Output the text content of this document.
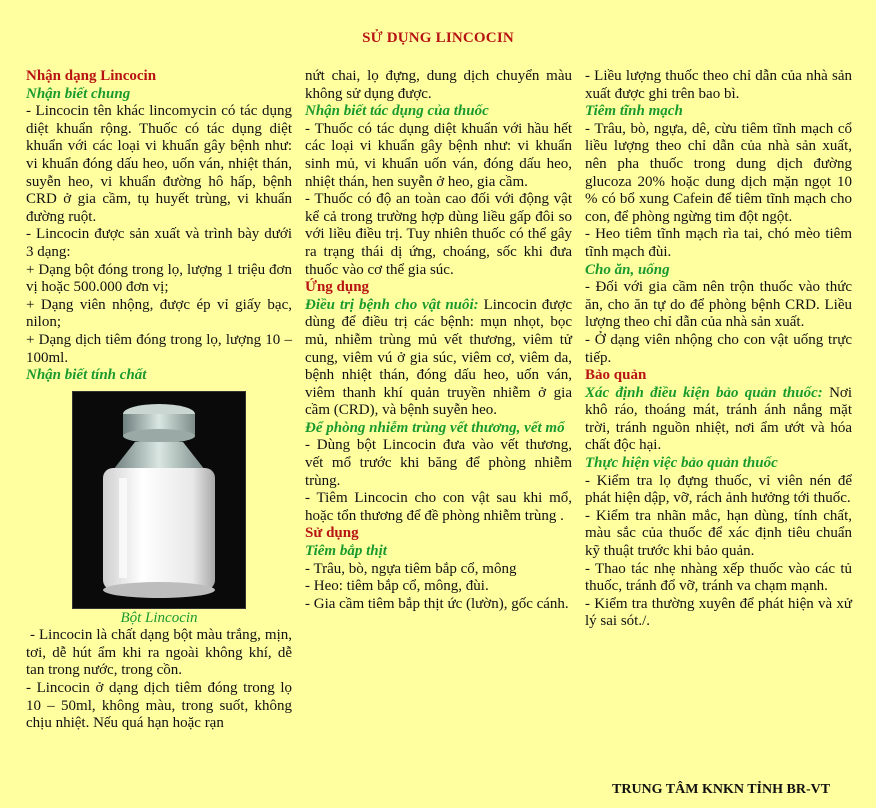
SỬ DỤNG LINCOCIN

Nhận dạng Lincocin

Nhận biết chung

- Lincocin tên khác lincomycin có tác dụng diệt khuẩn rộng. Thuốc có tác dụng diệt khuẩn với các loại vi khuẩn gây bệnh như: vi khuẩn đóng dấu heo, uốn ván, nhiệt thán, suyễn heo, vi khuẩn đường hô hấp, bệnh CRD ở gia cầm, tụ huyết trùng, vi khuẩn đường ruột.

- Lincocin được sản xuất và trình bày dưới 3 dạng:

+ Dạng bột đóng trong lọ, lượng 1 triệu đơn vị hoặc 500.000 đơn vị;

+ Dạng viên nhộng, được ép vỉ giấy bạc, nilon;

+ Dạng dịch tiêm đóng trong lọ, lượng 10 – 100ml.

Nhận biết tính chất

Bột Lincocin

- Lincocin là chất dạng bột màu trắng, mịn, tơi, dễ hút ẩm khi ra ngoài không khí, dễ tan trong nước, trong cồn.

- Lincocin ở dạng dịch tiêm đóng trong lọ 10 – 50ml, không màu, trong suốt, không chịu nhiệt. Nếu quá hạn hoặc rạn

nứt chai, lọ đựng, dung dịch chuyển màu không sử dụng được.

Nhận biết tác dụng của thuốc

- Thuốc có tác dụng diệt khuẩn với hầu hết các loại vi khuẩn gây bệnh như: vi khuẩn sinh mủ, vi khuẩn uốn ván, đóng dấu heo, nhiệt thán, hen suyễn ở heo, gia cầm.

- Thuốc có độ an toàn cao đối với động vật kể cả trong trường hợp dùng liều gấp đôi so với liều điều trị. Tuy nhiên thuốc có thể gây ra trạng thái dị ứng, choáng, sốc khi đưa thuốc vào cơ thể gia súc.

Ứng dụng

Điều trị bệnh cho vật nuôi: Lincocin được dùng để điều trị các bệnh: mụn nhọt, bọc mủ, nhiễm trùng mủ vết thương, viêm tử cung, viêm vú ở gia súc, viêm cơ, viêm da, bệnh nhiệt thán, đóng dấu heo, uốn ván, viêm thanh khí quản truyền nhiễm ở gia cầm (CRD), và bệnh suyễn heo.

Để phòng nhiễm trùng vết thương, vết mổ

- Dùng bột Lincocin đưa vào vết thương, vết mổ trước khi băng để phòng nhiễm trùng.

- Tiêm Lincocin cho con vật sau khi mổ, hoặc tổn thương để đề phòng nhiễm trùng .

Sử dụng

Tiêm bắp thịt

- Trâu, bò, ngựa tiêm bắp cổ, mông

- Heo: tiêm bắp cổ, mông, đùi.

- Gia cầm tiêm bắp thịt ức (lườn), gốc cánh.

- Liều lượng thuốc theo chỉ dẫn của nhà sản xuất được ghi trên bao bì.

Tiêm tĩnh mạch

- Trâu, bò, ngựa, dê, cừu tiêm tĩnh mạch cổ liều lượng theo chỉ dẫn của nhà sản xuất, nên pha thuốc trong dung dịch đường glucoza 20% hoặc dung dịch mặn ngọt 10 % có bổ xung Cafein để tiêm tĩnh mạch cho con, để phòng ngừng tim đột ngột.

- Heo tiêm tĩnh mạch rìa tai, chó mèo tiêm tĩnh mạch đùi.

Cho ăn, uống

- Đối với gia cầm nên trộn thuốc vào thức ăn, cho ăn tự do để phòng bệnh CRD. Liều lượng theo chỉ dẫn của nhà sản xuất.

- Ở dạng viên nhộng cho con vật uống trực tiếp.

Bảo quản

Xác định điều kiện bảo quản thuốc: Nơi khô ráo, thoáng mát, tránh ánh nắng mặt trời, tránh nguồn nhiệt, nơi ẩm ướt và hóa chất độc hại.

Thực hiện việc bảo quản thuốc

- Kiểm tra lọ đựng thuốc, vỉ viên nén để phát hiện dập, vỡ, rách ảnh hưởng tới thuốc.

- Kiểm tra nhãn mắc, hạn dùng, tính chất, màu sắc của thuốc để xác định tiêu chuẩn kỹ thuật trước khi bảo quản.

- Thao tác nhẹ nhàng xếp thuốc vào các tủ thuốc, tránh đổ vỡ, tránh va chạm mạnh.

- Kiểm tra thường xuyên để phát hiện và xử lý sai sót./.

TRUNG TÂM KNKN TỈNH BR-VT
